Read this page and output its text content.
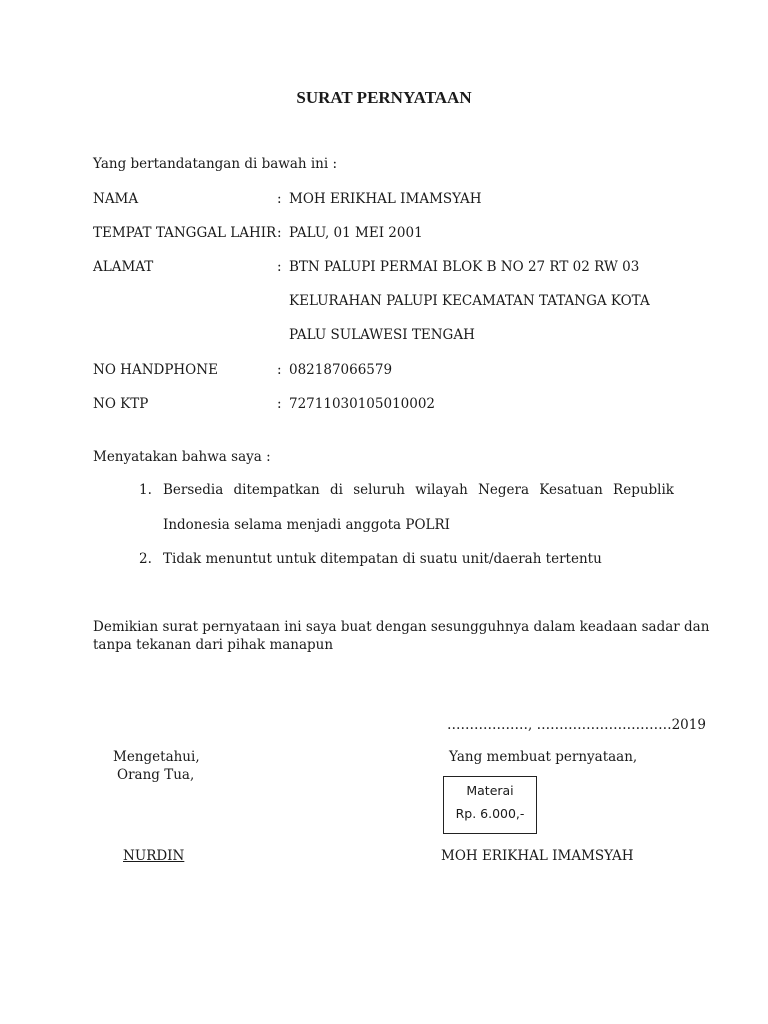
SURAT PERNYATAAN
Yang bertandatangan di bawah ini :
NAMA	: MOH ERIKHAL IMAMSYAH
TEMPAT TANGGAL LAHIR : PALU, 01 MEI 2001
ALAMAT	: BTN PALUPI PERMAI BLOK B NO 27 RT 02 RW 03
KELURAHAN PALUPI KECAMATAN TATANGA KOTA
PALU SULAWESI TENGAH
NO HANDPHONE	: 082187066579
NO KTP	: 7271103010501000​2
Menyatakan bahwa saya :
1. Bersedia ditempatkan di seluruh wilayah Negera Kesatuan Republik
Indonesia selama menjadi anggota POLRI
2. Tidak menuntut untuk ditempatan di suatu unit/daerah tertentu
Demikian surat pernyataan ini saya buat dengan sesungguhnya dalam keadaan sadar dan
tanpa tekanan dari pihak manapun
………………, …………………………2019
Mengetahui,
Orang Tua,
Yang membuat pernyataan,
Materai
Rp. 6.000,-
NURDIN	MOH ERIKHAL IMAMSYAH
